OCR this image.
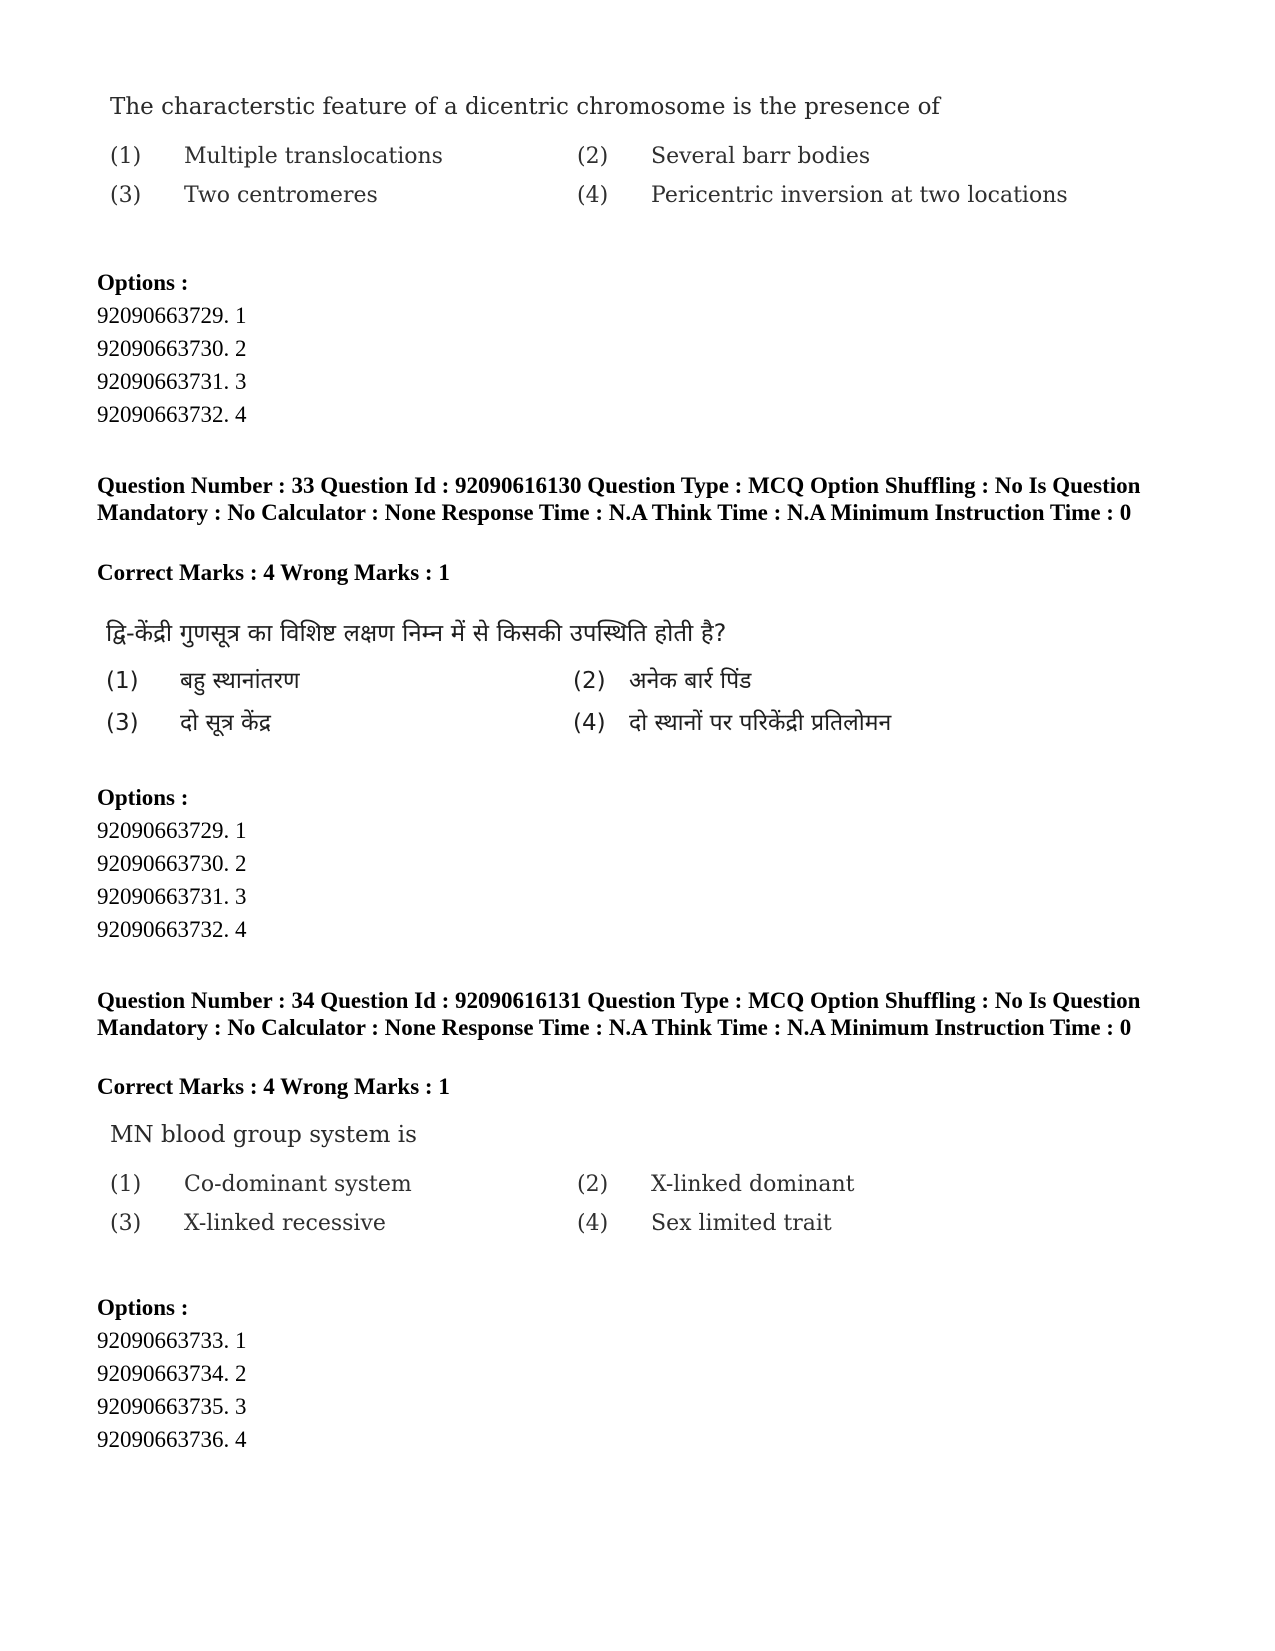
The characterstic feature of a dicentric chromosome is the presence of

(1)	Multiple translocations	(2)	Several barr bodies
(3)	Two centromeres	(4)	Pericentric inversion at two locations

Options :

92090663729. 1
92090663730. 2
92090663731. 3
92090663732. 4

Question Number : 33 Question Id : 92090616130 Question Type : MCQ Option Shuffling : No Is Question Mandatory : No Calculator : None Response Time : N.A Think Time : N.A Minimum Instruction Time : 0

Correct Marks : 4 Wrong Marks : 1

द्वि-केंद्री गुणसूत्र का विशिष्ट लक्षण निम्न में से किसकी उपस्थिति होती है?

(1)	बहु स्थानांतरण	(2)	अनेक बार्र पिंड
(3)	दो सूत्र केंद्र	(4)	दो स्थानों पर परिकेंद्री प्रतिलोमन

Options :

92090663729. 1
92090663730. 2
92090663731. 3
92090663732. 4

Question Number : 34 Question Id : 92090616131 Question Type : MCQ Option Shuffling : No Is Question Mandatory : No Calculator : None Response Time : N.A Think Time : N.A Minimum Instruction Time : 0

Correct Marks : 4 Wrong Marks : 1

MN blood group system is

(1)	Co-dominant system	(2)	X-linked dominant
(3)	X-linked recessive	(4)	Sex limited trait

Options :

92090663733. 1
92090663734. 2
92090663735. 3
92090663736. 4
